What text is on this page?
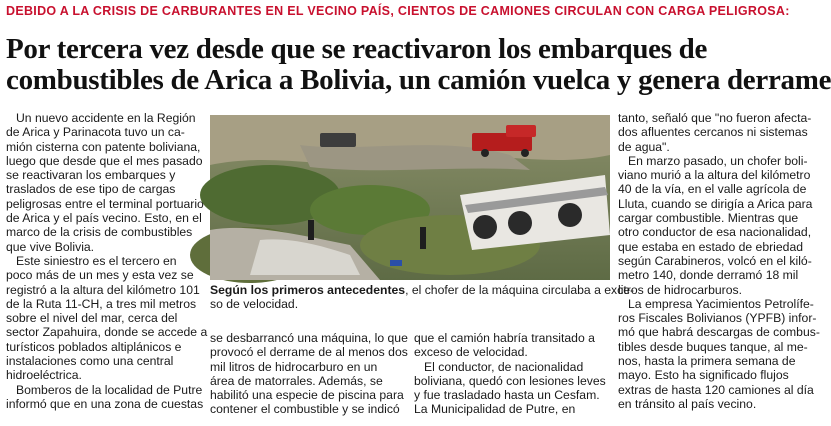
DEBIDO A LA CRISIS DE CARBURANTES EN EL VECINO PAÍS, CIENTOS DE CAMIONES CIRCULAN CON CARGA PELIGROSA:
Por tercera vez desde que se reactivaron los embarques de
combustibles de Arica a Bolivia, un camión vuelca y genera derrame
Un nuevo accidente en la Región
de Arica y Parinacota tuvo un ca-
mión cisterna con patente boliviana,
luego que desde que el mes pasado
se reactivaran los embarques y
traslados de ese tipo de cargas
peligrosas entre el terminal portuario
de Arica y el país vecino. Esto, en el
marco de la crisis de combustibles
que vive Bolivia.
Este siniestro es el tercero en
poco más de un mes y esta vez se
registró a la altura del kilómetro 101
de la Ruta 11-CH, a tres mil metros
sobre el nivel del mar, cerca del
sector Zapahuira, donde se accede a
turísticos poblados altiplánicos e
instalaciones como una central
hidroeléctrica.
Bomberos de la localidad de Putre
informó que en una zona de cuestas
CEDIDA
Según los primeros antecedentes, el chofer de la máquina circulaba a exce-
so de velocidad.
se desbarrancó una máquina, lo que
provocó el derrame de al menos dos
mil litros de hidrocarburo en un
área de matorrales. Además, se
habilitó una especie de piscina para
contener el combustible y se indicó
que el camión habría transitado a
exceso de velocidad.
El conductor, de nacionalidad
boliviana, quedó con lesiones leves
y fue trasladado hasta un Cesfam.
La Municipalidad de Putre, en
tanto, señaló que "no fueron afecta-
dos afluentes cercanos ni sistemas
de agua".
En marzo pasado, un chofer boli-
viano murió a la altura del kilómetro
40 de la vía, en el valle agrícola de
Lluta, cuando se dirigía a Arica para
cargar combustible. Mientras que
otro conductor de esa nacionalidad,
que estaba en estado de ebriedad
según Carabineros, volcó en el kiló-
metro 140, donde derramó 18 mil
litros de hidrocarburos.
La empresa Yacimientos Petrolífe-
ros Fiscales Bolivianos (YPFB) infor-
mó que habrá descargas de combus-
tibles desde buques tanque, al me-
nos, hasta la primera semana de
mayo. Esto ha significado flujos
extras de hasta 120 camiones al día
en tránsito al país vecino.
